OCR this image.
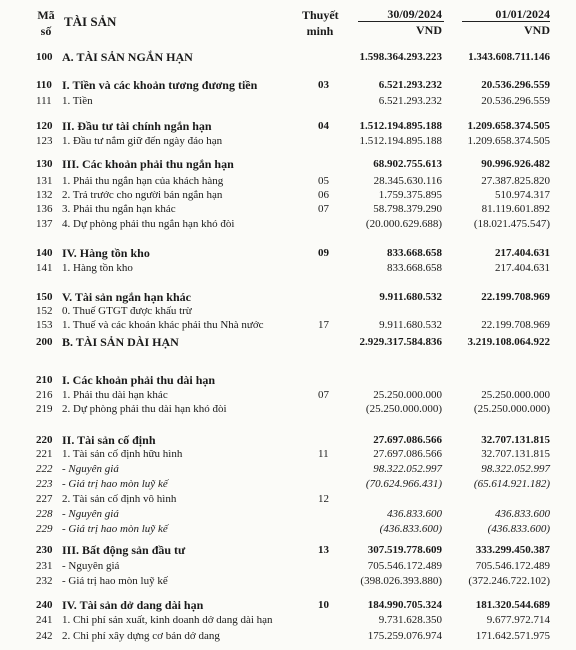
Mã
số
TÀI SẢN	Thuyết
minh
30/09/2024
VND
01/01/2024
VND
100 A. TÀI SẢN NGẮN HẠN	1.598.364.293.223 1.343.608.711.146
110 I. Tiền và các khoản tương đương tiền	03	6.521.293.232	20.536.296.559
111 1. Tiền	6.521.293.232	20.536.296.559
120 II. Đầu tư tài chính ngắn hạn	04	1.512.194.895.188 1.209.658.374.505
123 1. Đầu tư nắm giữ đến ngày đáo hạn	1.512.194.895.188 1.209.658.374.505
130 III. Các khoản phải thu ngắn hạn	68.902.755.613	90.996.926.482
131 1. Phải thu ngắn hạn của khách hàng	05	28.345.630.116	27.387.825.820
132 2. Trả trước cho người bán ngắn hạn	06	1.759.375.895	510.974.317
136 3. Phải thu ngắn hạn khác	07	58.798.379.290	81.119.601.892
137 4. Dự phòng phải thu ngắn hạn khó đòi	(20.000.629.688)	(18.021.475.547)
140 IV. Hàng tồn kho	09	833.668.658	217.404.631
141 1. Hàng tồn kho	833.668.658	217.404.631
150 V. Tài sản ngắn hạn khác	9.911.680.532	22.199.708.969
152 0. Thuế GTGT được khấu trừ
153 1. Thuế và các khoản khác phải thu Nhà nước	17	9.911.680.532	22.199.708.969
200 B. TÀI SẢN DÀI HẠN	2.929.317.584.836 3.219.108.064.922
210 I. Các khoản phải thu dài hạn
216 1. Phải thu dài hạn khác	07	25.250.000.000	25.250.000.000
219 2. Dự phòng phải thu dài hạn khó đòi	(25.250.000.000)	(25.250.000.000)
220 II. Tài sản cố định	27.697.086.566	32.707.131.815
221 1. Tài sản cố định hữu hình	11	27.697.086.566	32.707.131.815
222 - Nguyên giá	98.322.052.997	98.322.052.997
223 - Giá trị hao mòn luỹ kế	(70.624.966.431)	(65.614.921.182)
227 2. Tài sản cố định vô hình	12
228 - Nguyên giá	436.833.600	436.833.600
229 - Giá trị hao mòn luỹ kế	(436.833.600)	(436.833.600)
230 III. Bất động sản đầu tư	13	307.519.778.609	333.299.450.387
231 - Nguyên giá	705.546.172.489	705.546.172.489
232 - Giá trị hao mòn luỹ kế	(398.026.393.880) (372.246.722.102)
240 IV. Tài sản dở dang dài hạn	10	184.990.705.324	181.320.544.689
241 1. Chi phí sản xuất, kinh doanh dở dang dài hạn	9.731.628.350	9.677.972.714
242 2. Chi phí xây dựng cơ bản dở dang	175.259.076.974	171.642.571.975
